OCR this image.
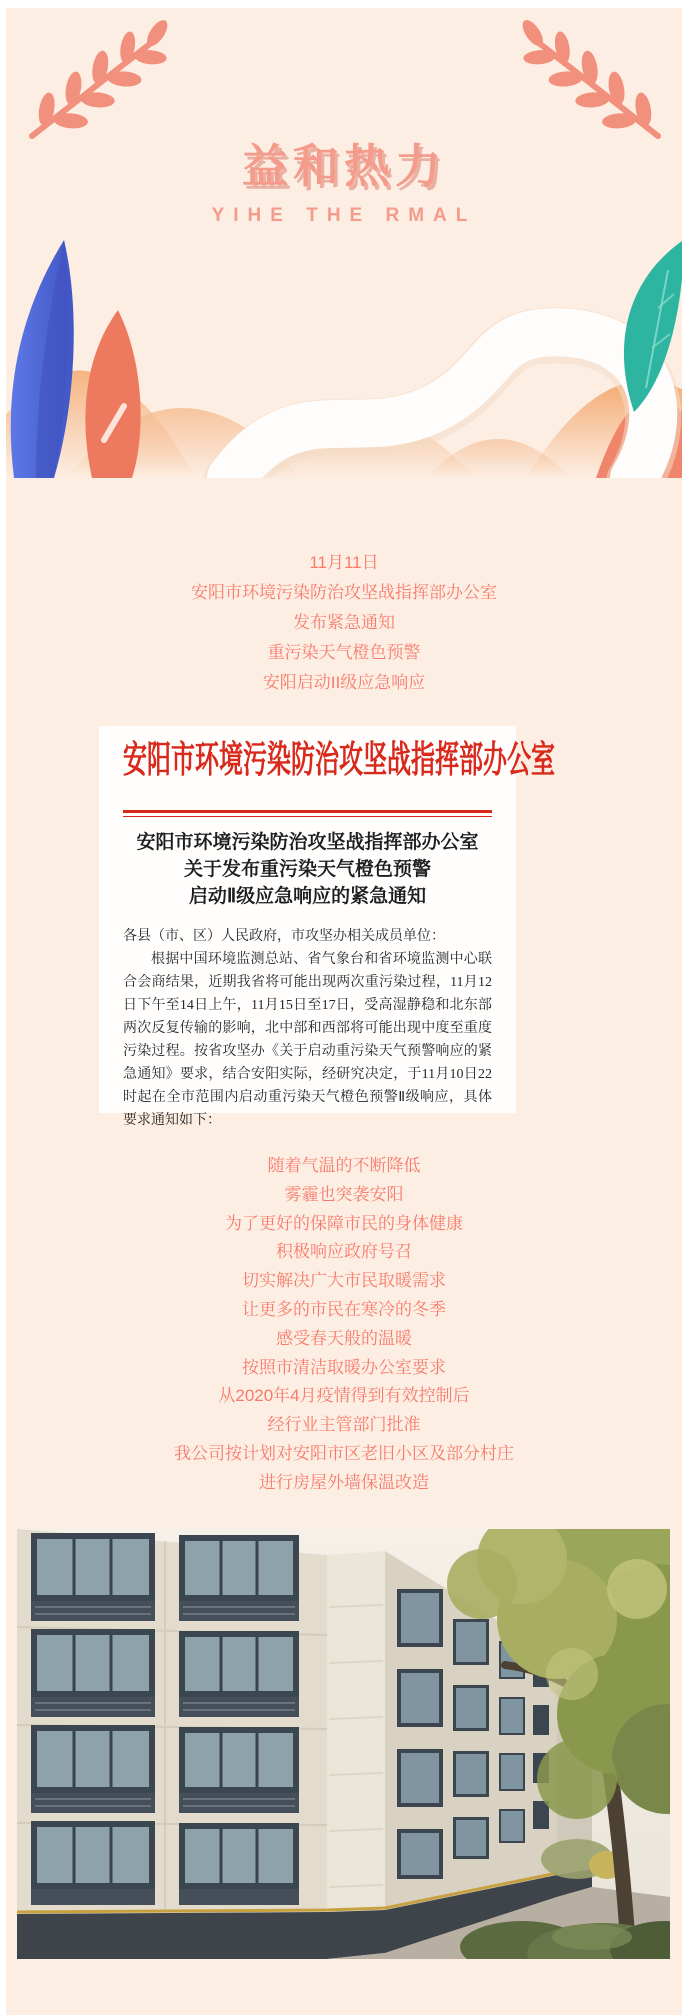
益和热力
YIHE THE RMAL
11月11日
安阳市环境污染防治攻坚战指挥部办公室
发布紧急通知
重污染天气橙色预警
安阳启动II级应急响应
安阳市环境污染防治攻坚战指挥部办公室
安阳市环境污染防治攻坚战指挥部办公室
关于发布重污染天气橙色预警
启动Ⅱ级应急响应的紧急通知
各县（市、区）人民政府，市攻坚办相关成员单位：
根据中国环境监测总站、省气象台和省环境监测中心联合会商结果，近期我省将可能出现两次重污染过程，11月12日下午至14日上午，11月15日至17日，受高湿静稳和北东部两次反复传输的影响，北中部和西部将可能出现中度至重度污染过程。按省攻坚办《关于启动重污染天气预警响应的紧急通知》要求，结合安阳实际，经研究决定，于11月10日22时起在全市范围内启动重污染天气橙色预警Ⅱ级响应，具体要求通知如下：
随着气温的不断降低
雾霾也突袭安阳
为了更好的保障市民的身体健康
积极响应政府号召
切实解决广大市民取暖需求
让更多的市民在寒冷的冬季
感受春天般的温暖
按照市清洁取暖办公室要求
从2020年4月疫情得到有效控制后
经行业主管部门批准
我公司按计划对安阳市区老旧小区及部分村庄
进行房屋外墙保温改造
